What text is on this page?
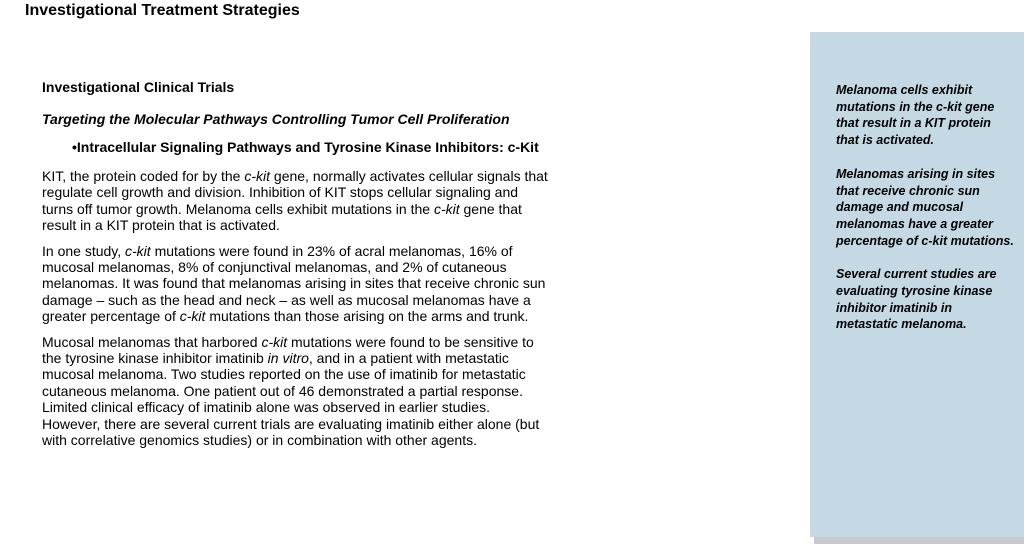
Investigational Treatment Strategies
Investigational Clinical Trials
Targeting the Molecular Pathways Controlling Tumor Cell Proliferation
•Intracellular Signaling Pathways and Tyrosine Kinase Inhibitors: c-Kit

KIT, the protein coded for by the c-kit gene, normally activates cellular signals that regulate cell growth and division. Inhibition of KIT stops cellular signaling and turns off tumor growth. Melanoma cells exhibit mutations in the c-kit gene that result in a KIT protein that is activated.

In one study, c-kit mutations were found in 23% of acral melanomas, 16% of mucosal melanomas, 8% of conjunctival melanomas, and 2% of cutaneous melanomas. It was found that melanomas arising in sites that receive chronic sun damage – such as the head and neck – as well as mucosal melanomas have a greater percentage of c-kit mutations than those arising on the arms and trunk.

Mucosal melanomas that harbored c-kit mutations were found to be sensitive to the tyrosine kinase inhibitor imatinib in vitro, and in a patient with metastatic mucosal melanoma. Two studies reported on the use of imatinib for metastatic cutaneous melanoma. One patient out of 46 demonstrated a partial response. Limited clinical efficacy of imatinib alone was observed in earlier studies. However, there are several current trials are evaluating imatinib either alone (but with correlative genomics studies) or in combination with other agents.

Melanoma cells exhibit mutations in the c-kit gene that result in a KIT protein that is activated.

Melanomas arising in sites that receive chronic sun damage and mucosal melanomas have a greater percentage of c-kit mutations.

Several current studies are evaluating tyrosine kinase inhibitor imatinib in metastatic melanoma.
